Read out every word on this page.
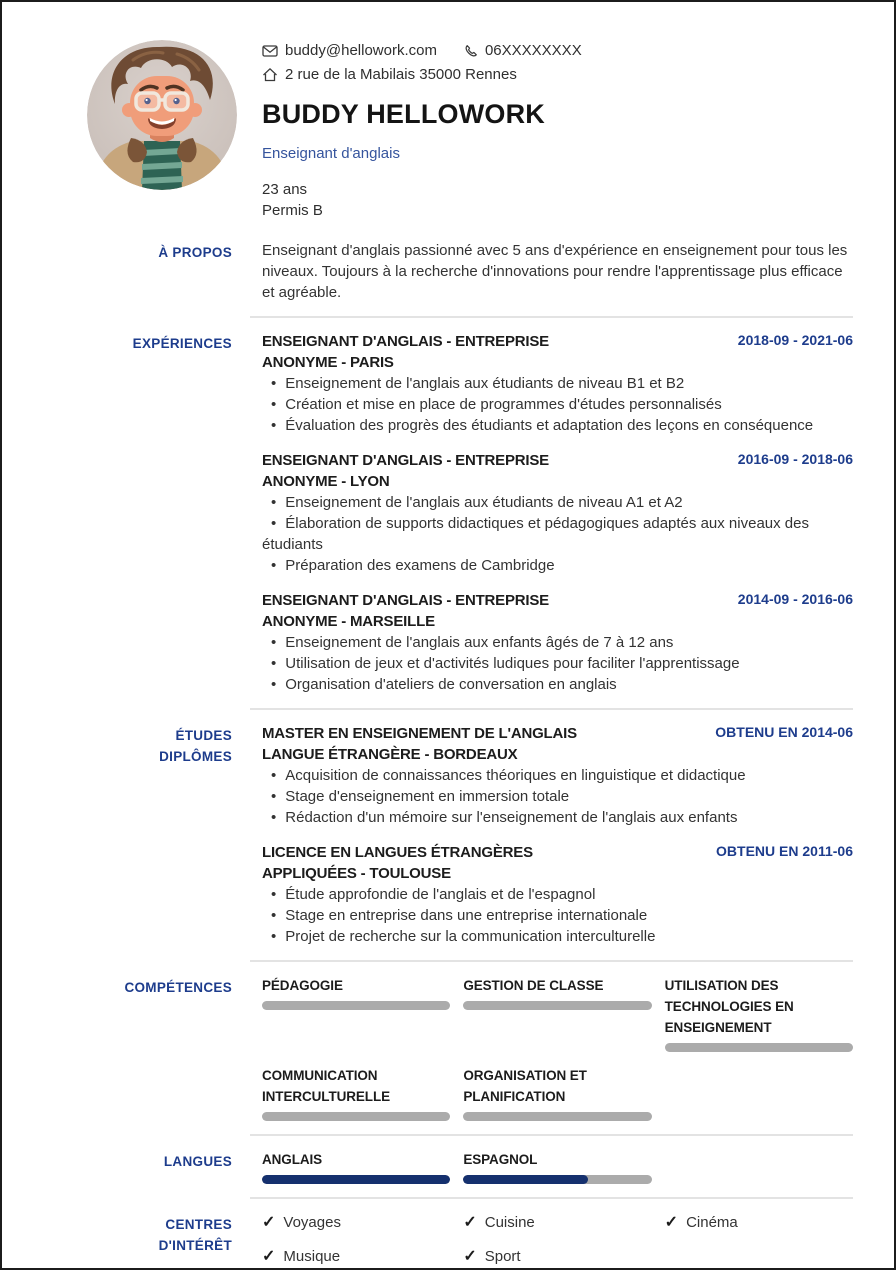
buddy@hellowork.com	06XXXXXXXX
2 rue de la Mabilais 35000 Rennes
BUDDY HELLOWORK
Enseignant d'anglais
23 ans
Permis B
À PROPOS Enseignant d'anglais passionné avec 5 ans d'expérience en enseignement pour tous les niveaux. Toujours à la recherche d'innovations pour rendre l'apprentissage plus efficace et agréable.
EXPÉRIENCES ENSEIGNANT D'ANGLAIS - ENTREPRISE ANONYME - PARIS
2018-09 - 2021-06
• Enseignement de l'anglais aux étudiants de niveau B1 et B2
• Création et mise en place de programmes d'études personnalisés
• Évaluation des progrès des étudiants et adaptation des leçons en conséquence
ENSEIGNANT D'ANGLAIS - ENTREPRISE ANONYME - LYON
2016-09 - 2018-06
• Enseignement de l'anglais aux étudiants de niveau A1 et A2
• Élaboration de supports didactiques et pédagogiques adaptés aux niveaux des étudiants
• Préparation des examens de Cambridge
ENSEIGNANT D'ANGLAIS - ENTREPRISE ANONYME - MARSEILLE
2014-09 - 2016-06
• Enseignement de l'anglais aux enfants âgés de 7 à 12 ans
• Utilisation de jeux et d'activités ludiques pour faciliter l'apprentissage
• Organisation d'ateliers de conversation en anglais
ÉTUDES
DIPLÔMES
MASTER EN ENSEIGNEMENT DE L'ANGLAIS LANGUE ÉTRANGÈRE - BORDEAUX
OBTENU EN 2014-06
• Acquisition de connaissances théoriques en linguistique et didactique
• Stage d'enseignement en immersion totale
• Rédaction d'un mémoire sur l'enseignement de l'anglais aux enfants
LICENCE EN LANGUES ÉTRANGÈRES APPLIQUÉES - TOULOUSE
OBTENU EN 2011-06
• Étude approfondie de l'anglais et de l'espagnol
• Stage en entreprise dans une entreprise internationale
• Projet de recherche sur la communication interculturelle
COMPÉTENCES PÉDAGOGIE	GESTION DE CLASSE	UTILISATION DES TECHNOLOGIES EN ENSEIGNEMENT
COMMUNICATION INTERCULTURELLE
ORGANISATION ET PLANIFICATION
LANGUES ANGLAIS	ESPAGNOL
CENTRES
D'INTÉRÊT
✓ Voyages	✓ Cuisine	✓ Cinéma
✓ Musique	✓ Sport
